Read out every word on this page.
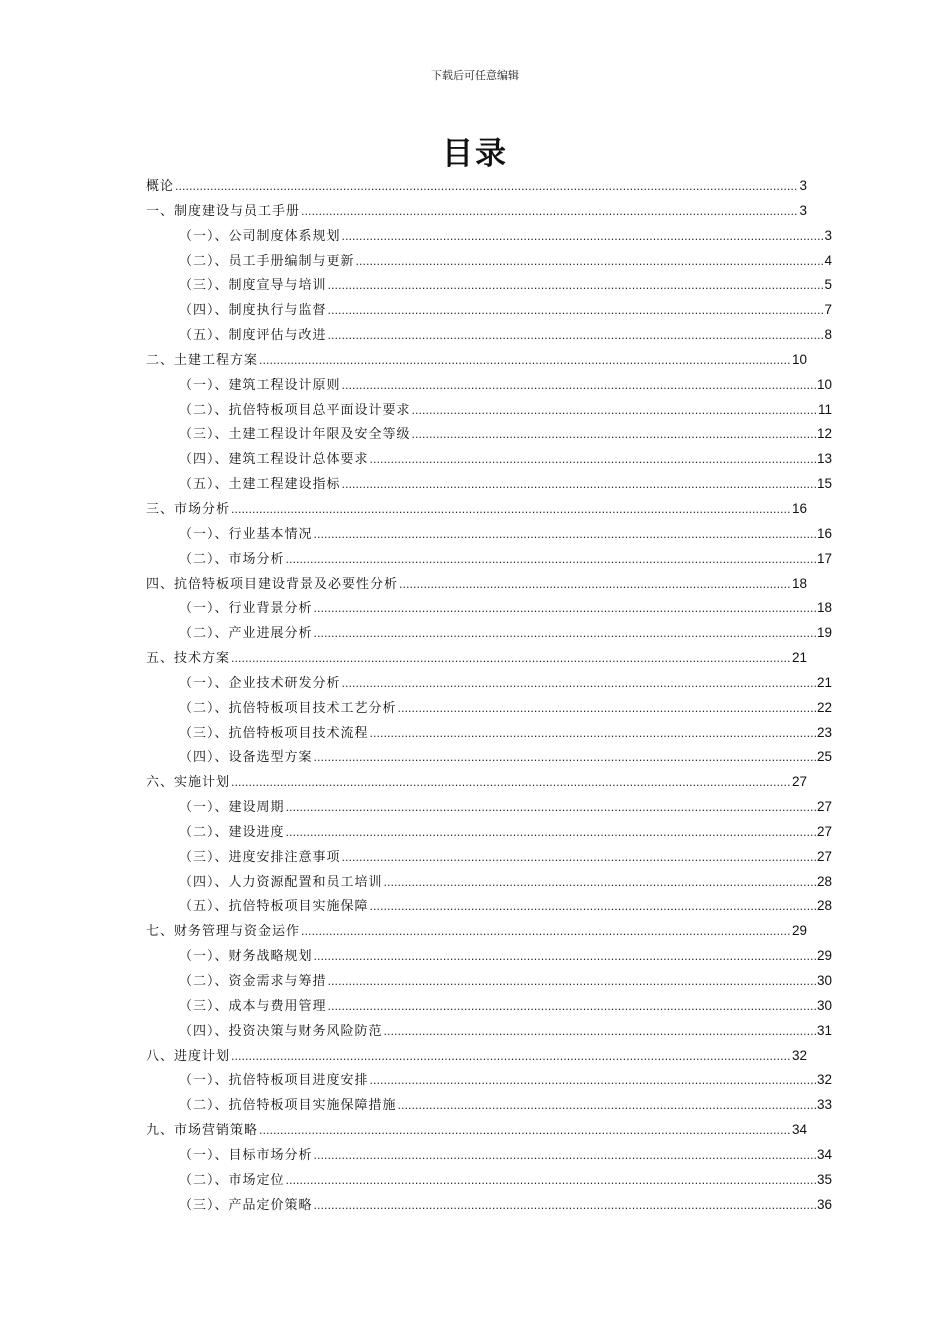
下载后可任意编辑
目录
概论 .....	3
一、制度建设与员工手册 .....	3
（一）、公司制度体系规划 .....	3
（二）、员工手册编制与更新 .....	4
（三）、制度宣导与培训 .....	5
（四）、制度执行与监督 .....	7
（五）、制度评估与改进 .....	8
二、土建工程方案 .....	10
（一）、建筑工程设计原则 .....	10
（二）、抗倍特板项目总平面设计要求 .....	11
（三）、土建工程设计年限及安全等级 .....	12
（四）、建筑工程设计总体要求 .....	13
（五）、土建工程建设指标 .....	15
三、市场分析 .....	16
（一）、行业基本情况 .....	16
（二）、市场分析 .....	17
四、抗倍特板项目建设背景及必要性分析 .....	18
（一）、行业背景分析 .....	18
（二）、产业进展分析 .....	19
五、技术方案 .....	21
（一）、企业技术研发分析 .....	21
（二）、抗倍特板项目技术工艺分析 .....	22
（三）、抗倍特板项目技术流程 .....	23
（四）、设备选型方案 .....	25
六、实施计划 .....	27
（一）、建设周期 .....	27
（二）、建设进度 .....	27
（三）、进度安排注意事项 .....	27
（四）、人力资源配置和员工培训 .....	28
（五）、抗倍特板项目实施保障 .....	28
七、财务管理与资金运作 .....	29
（一）、财务战略规划 .....	29
（二）、资金需求与筹措 .....	30
（三）、成本与费用管理 .....	30
（四）、投资决策与财务风险防范 .....	31
八、进度计划 .....	32
（一）、抗倍特板项目进度安排 .....	32
（二）、抗倍特板项目实施保障措施 .....	33
九、市场营销策略 .....	34
（一）、目标市场分析 .....	34
（二）、市场定位 .....	35
（三）、产品定价策略 .....	36
